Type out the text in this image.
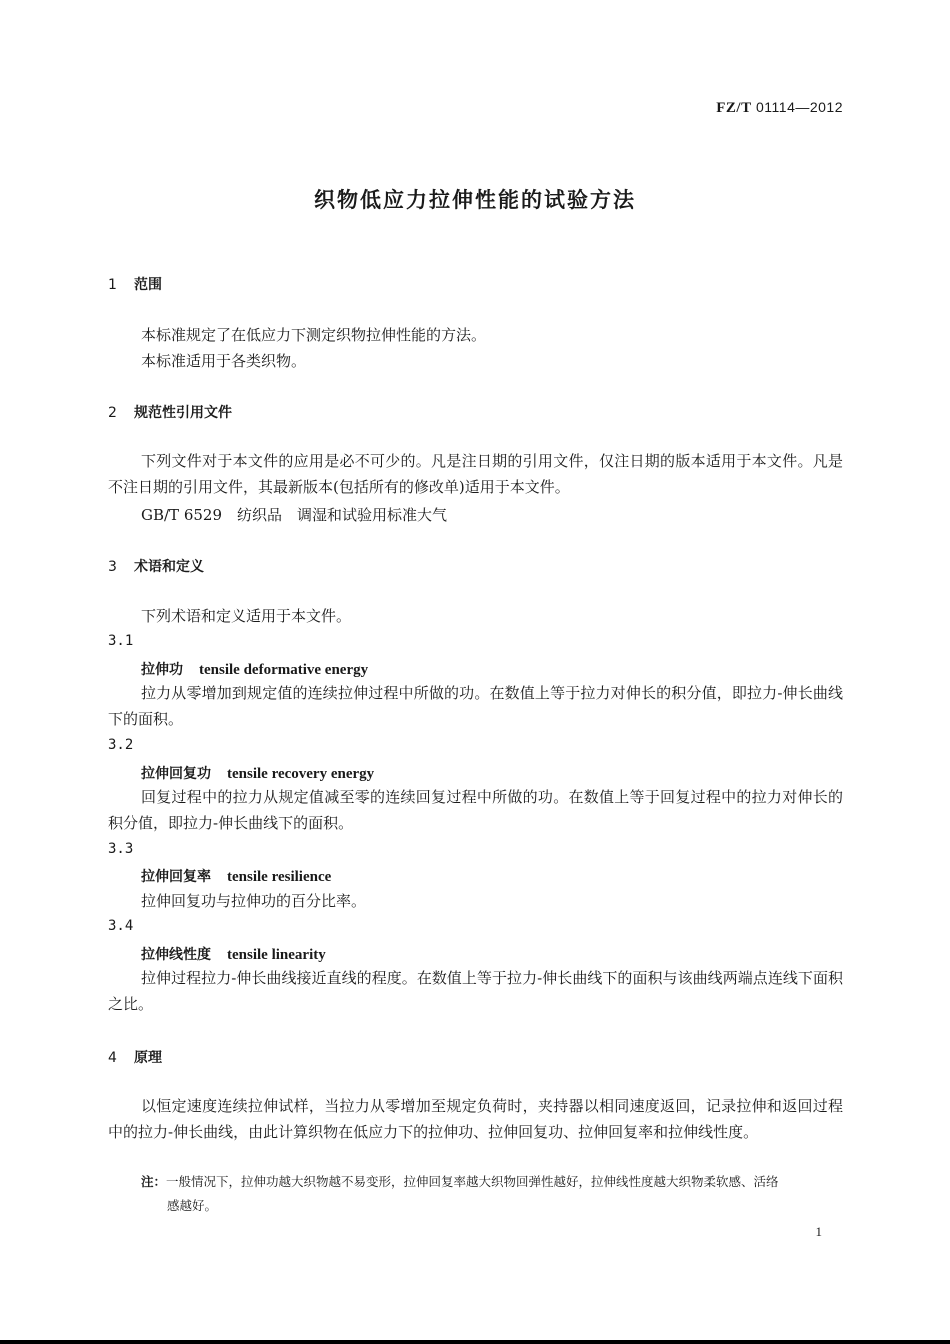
FZ/T 01114—2012
织物低应力拉伸性能的试验方法
1 范围
本标准规定了在低应力下测定织物拉伸性能的方法。
本标准适用于各类织物。
2 规范性引用文件
下列文件对于本文件的应用是必不可少的。凡是注日期的引用文件，仅注日期的版本适用于本文件。凡是不注日期的引用文件，其最新版本(包括所有的修改单)适用于本文件。
GB/T 6529　纺织品　调湿和试验用标准大气
3 术语和定义
下列术语和定义适用于本文件。
3.1
拉伸功 tensile deformative energy
拉力从零增加到规定值的连续拉伸过程中所做的功。在数值上等于拉力对伸长的积分值，即拉力-伸长曲线下的面积。
3.2
拉伸回复功 tensile recovery energy
回复过程中的拉力从规定值减至零的连续回复过程中所做的功。在数值上等于回复过程中的拉力对伸长的积分值，即拉力-伸长曲线下的面积。
3.3
拉伸回复率 tensile resilience
拉伸回复功与拉伸功的百分比率。
3.4
拉伸线性度 tensile linearity
拉伸过程拉力-伸长曲线接近直线的程度。在数值上等于拉力-伸长曲线下的面积与该曲线两端点连线下面积之比。
4 原理
以恒定速度连续拉伸试样，当拉力从零增加至规定负荷时，夹持器以相同速度返回，记录拉伸和返回过程中的拉力-伸长曲线，由此计算织物在低应力下的拉伸功、拉伸回复功、拉伸回复率和拉伸线性度。
注：一般情况下，拉伸功越大织物越不易变形，拉伸回复率越大织物回弹性越好，拉伸线性度越大织物柔软感、活络
感越好。
1
